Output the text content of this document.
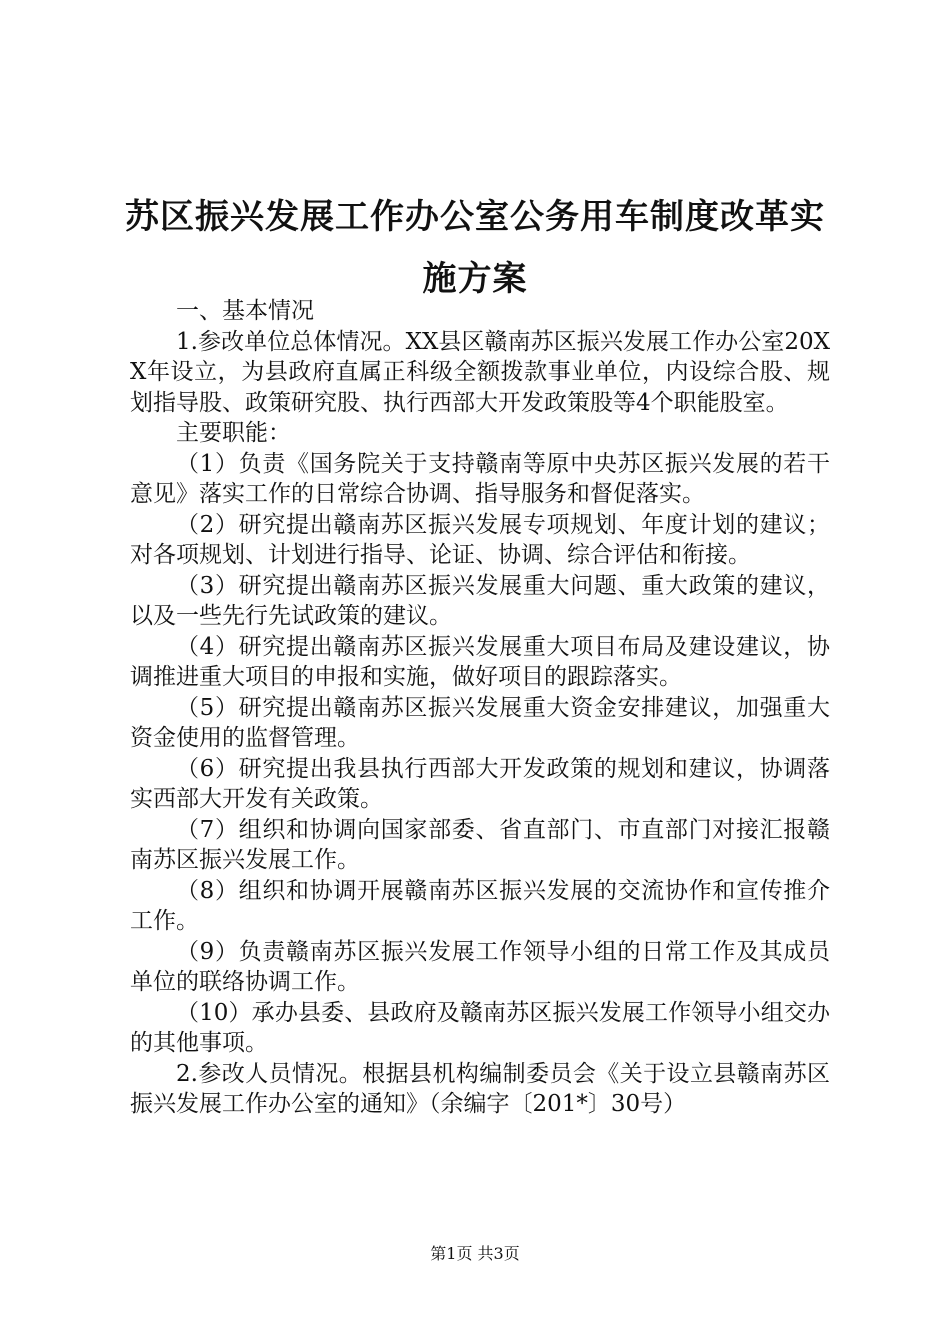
苏区振兴发展工作办公室公务用车制度改革实施方案

一、基本情况

1.参改单位总体情况。XX县区赣南苏区振兴发展工作办公室20XX年设立，为县政府直属正科级全额拨款事业单位，内设综合股、规划指导股、政策研究股、执行西部大开发政策股等4个职能股室。

主要职能：

（1）负责《国务院关于支持赣南等原中央苏区振兴发展的若干意见》落实工作的日常综合协调、指导服务和督促落实。

（2）研究提出赣南苏区振兴发展专项规划、年度计划的建议；对各项规划、计划进行指导、论证、协调、综合评估和衔接。

（3）研究提出赣南苏区振兴发展重大问题、重大政策的建议，以及一些先行先试政策的建议。

（4）研究提出赣南苏区振兴发展重大项目布局及建设建议，协调推进重大项目的申报和实施，做好项目的跟踪落实。

（5）研究提出赣南苏区振兴发展重大资金安排建议，加强重大资金使用的监督管理。

（6）研究提出我县执行西部大开发政策的规划和建议，协调落实西部大开发有关政策。

（7）组织和协调向国家部委、省直部门、市直部门对接汇报赣南苏区振兴发展工作。

（8）组织和协调开展赣南苏区振兴发展的交流协作和宣传推介工作。

（9）负责赣南苏区振兴发展工作领导小组的日常工作及其成员单位的联络协调工作。

（10）承办县委、县政府及赣南苏区振兴发展工作领导小组交办的其他事项。

2.参改人员情况。根据县机构编制委员会《关于设立县赣南苏区振兴发展工作办公室的通知》（余编字〔201*〕30号）

第1页 共3页
